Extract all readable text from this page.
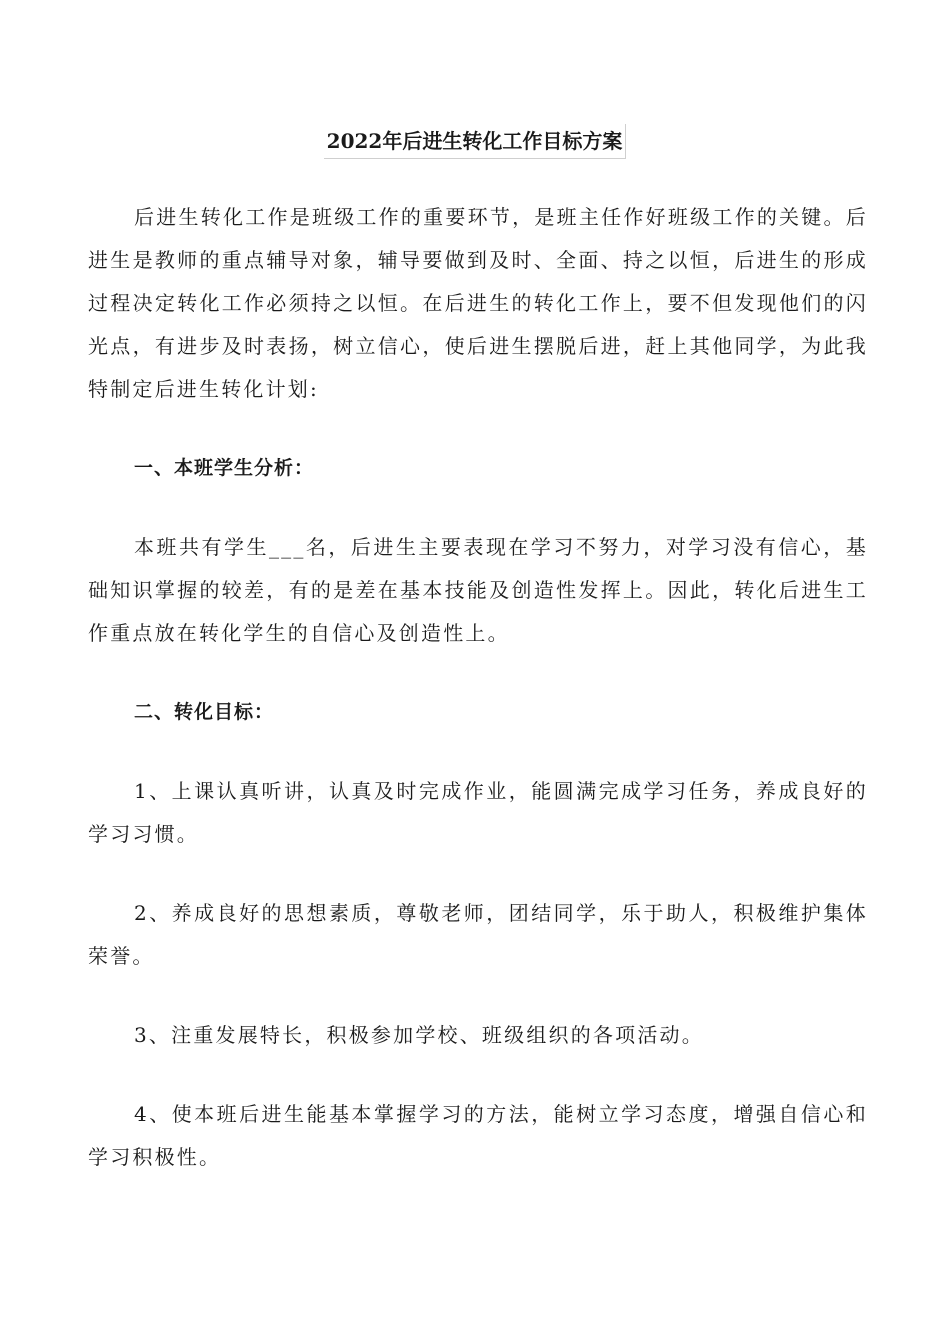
2022年后进生转化工作目标方案

后进生转化工作是班级工作的重要环节，是班主任作好班级工作的关键。后进生是教师的重点辅导对象，辅导要做到及时、全面、持之以恒，后进生的形成过程决定转化工作必须持之以恒。在后进生的转化工作上，要不但发现他们的闪光点，有进步及时表扬，树立信心，使后进生摆脱后进，赶上其他同学，为此我特制定后进生转化计划:

一、本班学生分析：

本班共有学生___名，后进生主要表现在学习不努力，对学习没有信心，基础知识掌握的较差，有的是差在基本技能及创造性发挥上。因此，转化后进生工作重点放在转化学生的自信心及创造性上。

二、转化目标：

1、上课认真听讲，认真及时完成作业，能圆满完成学习任务，养成良好的学习习惯。

2、养成良好的思想素质，尊敬老师，团结同学，乐于助人，积极维护集体荣誉。

3、注重发展特长，积极参加学校、班级组织的各项活动。

4、使本班后进生能基本掌握学习的方法，能树立学习态度，增强自信心和学习积极性。
